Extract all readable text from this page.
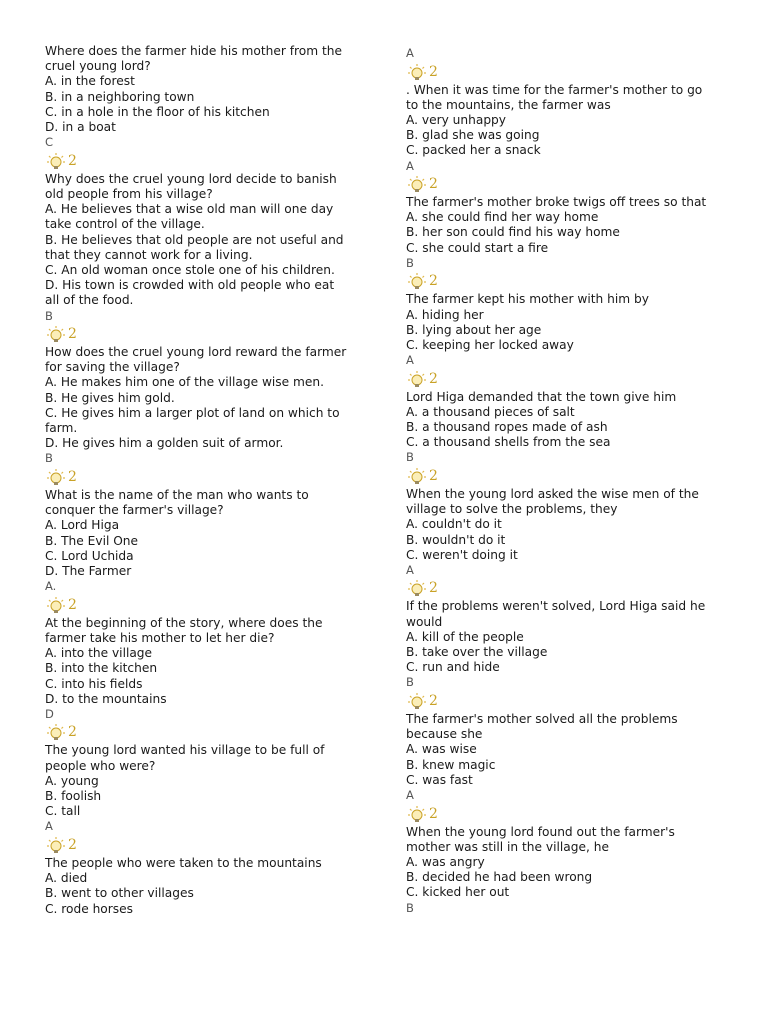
Where does the farmer hide his mother from the

cruel young lord?

A. in the forest

B. in a neighboring town

C. in a hole in the floor of his kitchen

D. in a boat

C

2

Why does the cruel young lord decide to banish

old people from his village?

A. He believes that a wise old man will one day

take control of the village.

B. He believes that old people are not useful and

that they cannot work for a living.

C. An old woman once stole one of his children.

D. His town is crowded with old people who eat

all of the food.

B

2

How does the cruel young lord reward the farmer

for saving the village?

A. He makes him one of the village wise men.

B. He gives him gold.

C. He gives him a larger plot of land on which to

farm.

D. He gives him a golden suit of armor.

B

2

What is the name of the man who wants to

conquer the farmer's village?

A. Lord Higa

B. The Evil One

C. Lord Uchida

D. The Farmer

A.

2

At the beginning of the story, where does the

farmer take his mother to let her die?

A. into the village

B. into the kitchen

C. into his fields

D. to the mountains

D

2

The young lord wanted his village to be full of

people who were?

A. young

B. foolish

C. tall

A

2

The people who were taken to the mountains

A. died

B. went to other villages

C. rode horses

A

2

. When it was time for the farmer's mother to go

to the mountains, the farmer was

A. very unhappy

B. glad she was going

C. packed her a snack

A

2

The farmer's mother broke twigs off trees so that

A. she could find her way home

B. her son could find his way home

C. she could start a fire

B

2

The farmer kept his mother with him by

A. hiding her

B. lying about her age

C. keeping her locked away

A

2

Lord Higa demanded that the town give him

A. a thousand pieces of salt

B. a thousand ropes made of ash

C. a thousand shells from the sea

B

2

When the young lord asked the wise men of the

village to solve the problems, they

A. couldn't do it

B. wouldn't do it

C. weren't doing it

A

2

If the problems weren't solved, Lord Higa said he

would

A. kill of the people

B. take over the village

C. run and hide

B

2

The farmer's mother solved all the problems

because she

A. was wise

B. knew magic

C. was fast

A

2

When the young lord found out the farmer's

mother was still in the village, he

A. was angry

B. decided he had been wrong

C. kicked her out

B
